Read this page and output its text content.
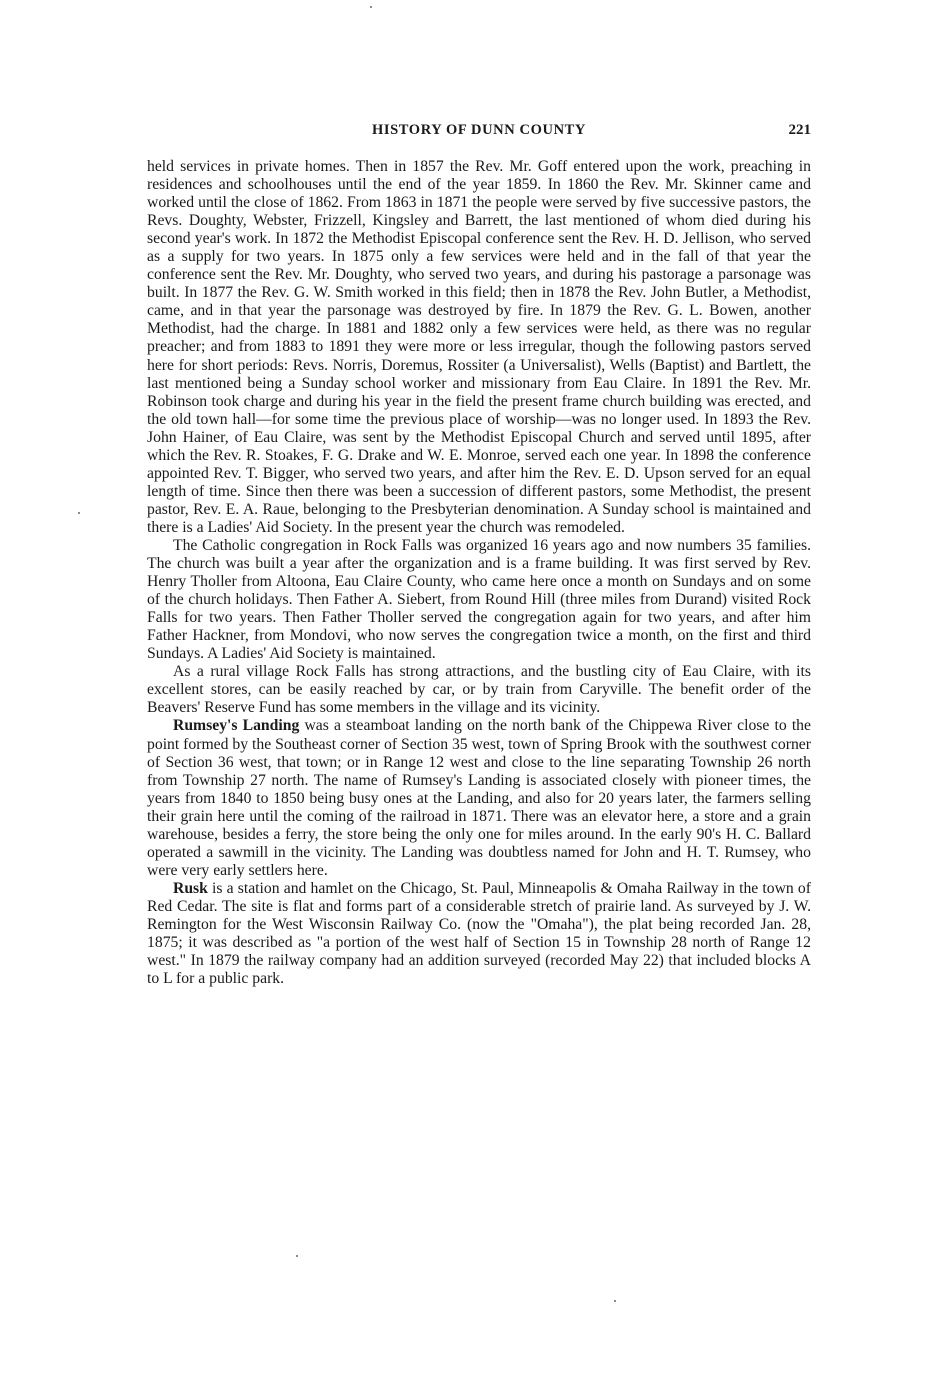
HISTORY OF DUNN COUNTY	221

held services in private homes. Then in 1857 the Rev. Mr. Goff entered upon the work, preaching in residences and schoolhouses until the end of the year 1859. In 1860 the Rev. Mr. Skinner came and worked until the close of 1862. From 1863 in 1871 the people were served by five successive pastors, the Revs. Doughty, Webster, Frizzell, Kingsley and Barrett, the last mentioned of whom died during his second year's work. In 1872 the Methodist Episcopal conference sent the Rev. H. D. Jellison, who served as a supply for two years. In 1875 only a few services were held and in the fall of that year the conference sent the Rev. Mr. Doughty, who served two years, and during his pastorage a parsonage was built. In 1877 the Rev. G. W. Smith worked in this field; then in 1878 the Rev. John Butler, a Methodist, came, and in that year the parsonage was destroyed by fire. In 1879 the Rev. G. L. Bowen, another Methodist, had the charge. In 1881 and 1882 only a few services were held, as there was no regular preacher; and from 1883 to 1891 they were more or less irregular, though the following pastors served here for short periods: Revs. Norris, Doremus, Rossiter (a Universalist), Wells (Baptist) and Bartlett, the last mentioned being a Sunday school worker and missionary from Eau Claire. In 1891 the Rev. Mr. Robinson took charge and during his year in the field the present frame church building was erected, and the old town hall—for some time the previous place of worship—was no longer used. In 1893 the Rev. John Hainer, of Eau Claire, was sent by the Methodist Episcopal Church and served until 1895, after which the Rev. R. Stoakes, F. G. Drake and W. E. Monroe, served each one year. In 1898 the conference appointed Rev. T. Bigger, who served two years, and after him the Rev. E. D. Upson served for an equal length of time. Since then there was been a succession of different pastors, some Methodist, the present pastor, Rev. E. A. Raue, belonging to the Presbyterian denomination. A Sunday school is maintained and there is a Ladies' Aid Society. In the present year the church was remodeled.

The Catholic congregation in Rock Falls was organized 16 years ago and now numbers 35 families. The church was built a year after the organization and is a frame building. It was first served by Rev. Henry Tholler from Altoona, Eau Claire County, who came here once a month on Sundays and on some of the church holidays. Then Father A. Siebert, from Round Hill (three miles from Durand) visited Rock Falls for two years. Then Father Tholler served the congregation again for two years, and after him Father Hackner, from Mondovi, who now serves the congregation twice a month, on the first and third Sundays. A Ladies' Aid Society is maintained.

As a rural village Rock Falls has strong attractions, and the bustling city of Eau Claire, with its excellent stores, can be easily reached by car, or by train from Caryville. The benefit order of the Beavers' Reserve Fund has some members in the village and its vicinity.

Rumsey's Landing was a steamboat landing on the north bank of the Chippewa River close to the point formed by the Southeast corner of Section 35 west, town of Spring Brook with the southwest corner of Section 36 west, that town; or in Range 12 west and close to the line separating Township 26 north from Township 27 north. The name of Rumsey's Landing is associated closely with pioneer times, the years from 1840 to 1850 being busy ones at the Landing, and also for 20 years later, the farmers selling their grain here until the coming of the railroad in 1871. There was an elevator here, a store and a grain warehouse, besides a ferry, the store being the only one for miles around. In the early 90's H. C. Ballard operated a sawmill in the vicinity. The Landing was doubtless named for John and H. T. Rumsey, who were very early settlers here.

Rusk is a station and hamlet on the Chicago, St. Paul, Minneapolis & Omaha Railway in the town of Red Cedar. The site is flat and forms part of a considerable stretch of prairie land. As surveyed by J. W. Remington for the West Wisconsin Railway Co. (now the "Omaha"), the plat being recorded Jan. 28, 1875; it was described as "a portion of the west half of Section 15 in Township 28 north of Range 12 west." In 1879 the railway company had an addition surveyed (recorded May 22) that included blocks A to L for a public park.
